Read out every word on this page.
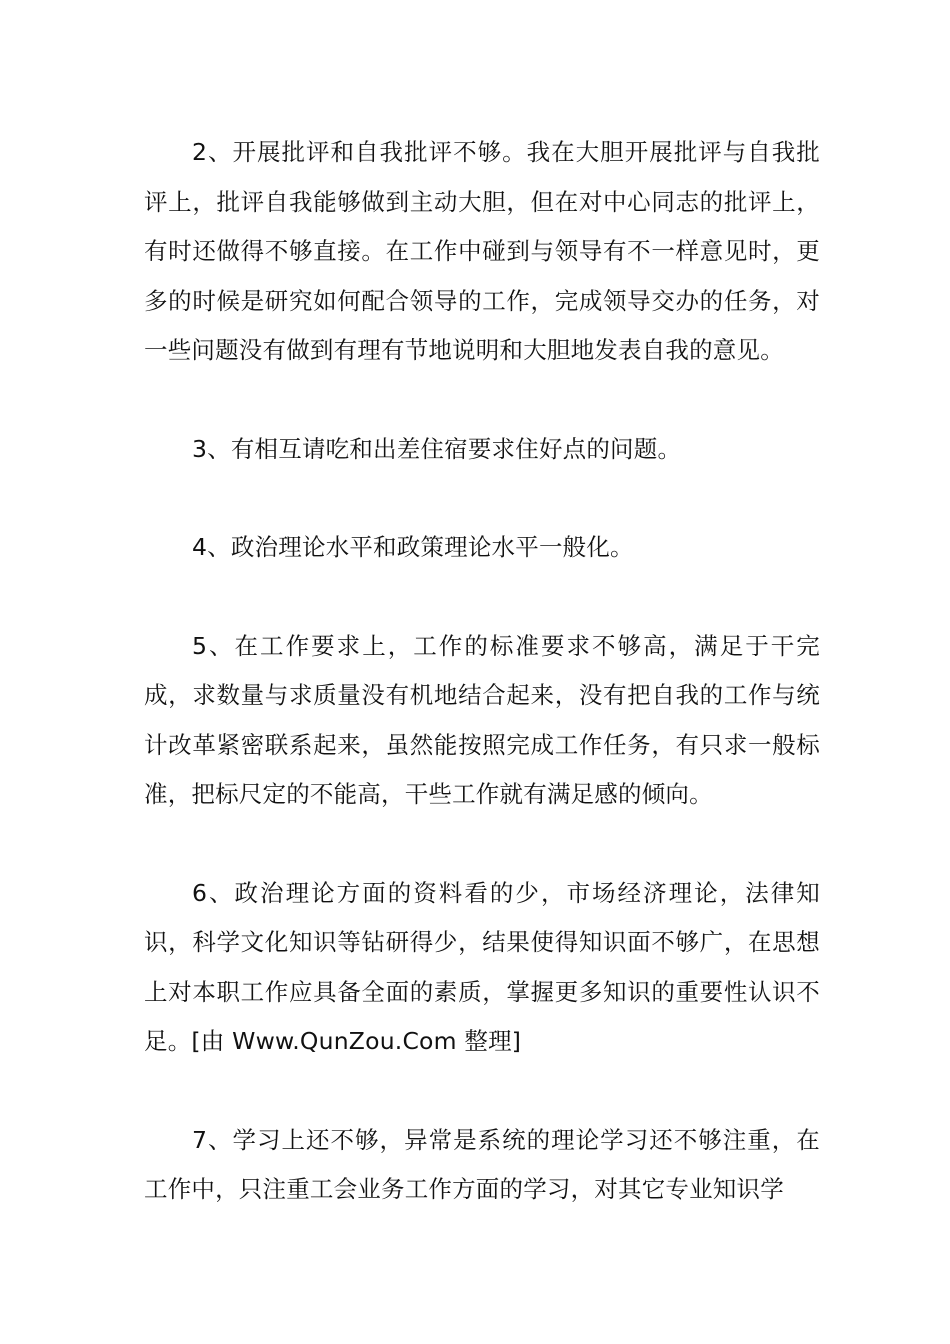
2、开展批评和自我批评不够。我在大胆开展批评与自我批评上，批评自我能够做到主动大胆，但在对中心同志的批评上，有时还做得不够直接。在工作中碰到与领导有不一样意见时，更多的时候是研究如何配合领导的工作，完成领导交办的任务，对一些问题没有做到有理有节地说明和大胆地发表自我的意见。

3、有相互请吃和出差住宿要求住好点的问题。

4、政治理论水平和政策理论水平一般化。

5、在工作要求上，工作的标准要求不够高，满足于干完成，求数量与求质量没有机地结合起来，没有把自我的工作与统计改革紧密联系起来，虽然能按照完成工作任务，有只求一般标准，把标尺定的不能高，干些工作就有满足感的倾向。

6、政治理论方面的资料看的少，市场经济理论，法律知识，科学文化知识等钻研得少，结果使得知识面不够广，在思想上对本职工作应具备全面的素质，掌握更多知识的重要性认识不足。[由 Www.QunZou.Com 整理]

7、学习上还不够，异常是系统的理论学习还不够注重，在工作中，只注重工会业务工作方面的学习，对其它专业知识学
